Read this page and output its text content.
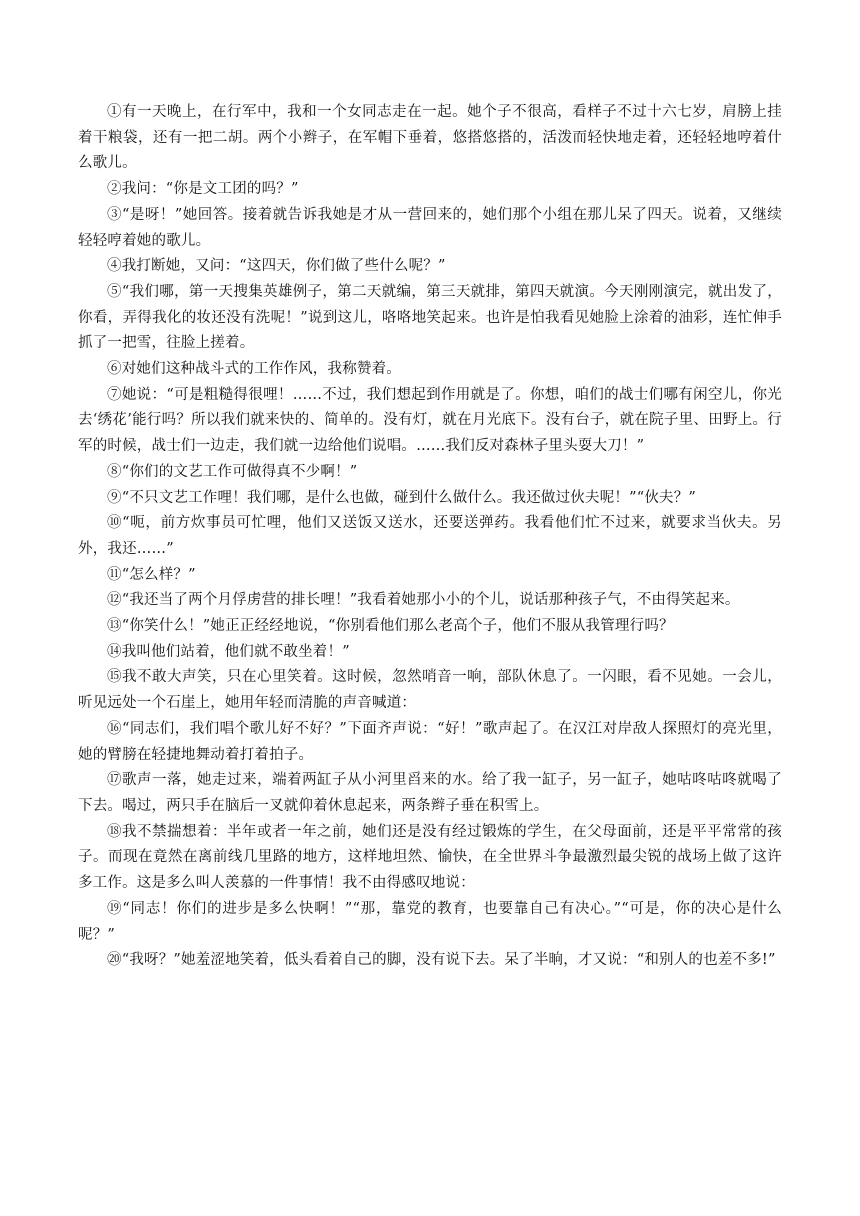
①有一天晚上，在行军中，我和一个女同志走在一起。她个子不很高，看样子不过十六七岁，肩膀上挂着干粮袋，还有一把二胡。两个小辫子，在军帽下垂着，悠搭悠搭的，活泼而轻快地走着，还轻轻地哼着什么歌儿。

②我问：“你是文工团的吗？”

③“是呀！”她回答。接着就告诉我她是才从一营回来的，她们那个小组在那儿呆了四天。说着，又继续轻轻哼着她的歌儿。

④我打断她，又问：“这四天，你们做了些什么呢？”

⑤“我们哪，第一天搜集英雄例子，第二天就编，第三天就排，第四天就演。今天刚刚演完，就出发了，你看，弄得我化的妆还没有洗呢！”说到这儿，咯咯地笑起来。也许是怕我看见她脸上涂着的油彩，连忙伸手抓了一把雪，往脸上搓着。

⑥对她们这种战斗式的工作作风，我称赞着。

⑦她说：“可是粗糙得很哩！……不过，我们想起到作用就是了。你想，咱们的战士们哪有闲空儿，你光去‘绣花’能行吗？所以我们就来快的、简单的。没有灯，就在月光底下。没有台子，就在院子里、田野上。行军的时候，战士们一边走，我们就一边给他们说唱。……我们反对森林子里头耍大刀！”

⑧“你们的文艺工作可做得真不少啊！”

⑨“不只文艺工作哩！我们哪，是什么也做，碰到什么做什么。我还做过伙夫呢！”“伙夫？”

⑩“呃，前方炊事员可忙哩，他们又送饭又送水，还要送弹药。我看他们忙不过来，就要求当伙夫。另外，我还……”

⑪“怎么样？”

⑫“我还当了两个月俘虏营的排长哩！”我看着她那小小的个儿，说话那种孩子气，不由得笑起来。

⑬“你笑什么！”她正正经经地说，“你别看他们那么老高个子，他们不服从我管理行吗？

⑭我叫他们站着，他们就不敢坐着！”

⑮我不敢大声笑，只在心里笑着。这时候，忽然哨音一响，部队休息了。一闪眼，看不见她。一会儿，听见远处一个石崖上，她用年轻而清脆的声音喊道：

⑯“同志们，我们唱个歌儿好不好？”下面齐声说：“好！”歌声起了。在汉江对岸敌人探照灯的亮光里，她的臂膀在轻捷地舞动着打着拍子。

⑰歌声一落，她走过来，端着两缸子从小河里舀来的水。给了我一缸子，另一缸子，她咕咚咕咚就喝了下去。喝过，两只手在脑后一叉就仰着休息起来，两条辫子垂在积雪上。

⑱我不禁揣想着：半年或者一年之前，她们还是没有经过锻炼的学生，在父母面前，还是平平常常的孩子。而现在竟然在离前线几里路的地方，这样地坦然、愉快，在全世界斗争最激烈最尖锐的战场上做了这许多工作。这是多么叫人羡慕的一件事情！我不由得感叹地说：

⑲“同志！你们的进步是多么快啊！”“那，靠党的教育，也要靠自己有决心。”“可是，你的决心是什么呢？”

⑳“我呀？”她羞涩地笑着，低头看着自己的脚，没有说下去。呆了半晌，才又说：“和别人的也差不多!”
